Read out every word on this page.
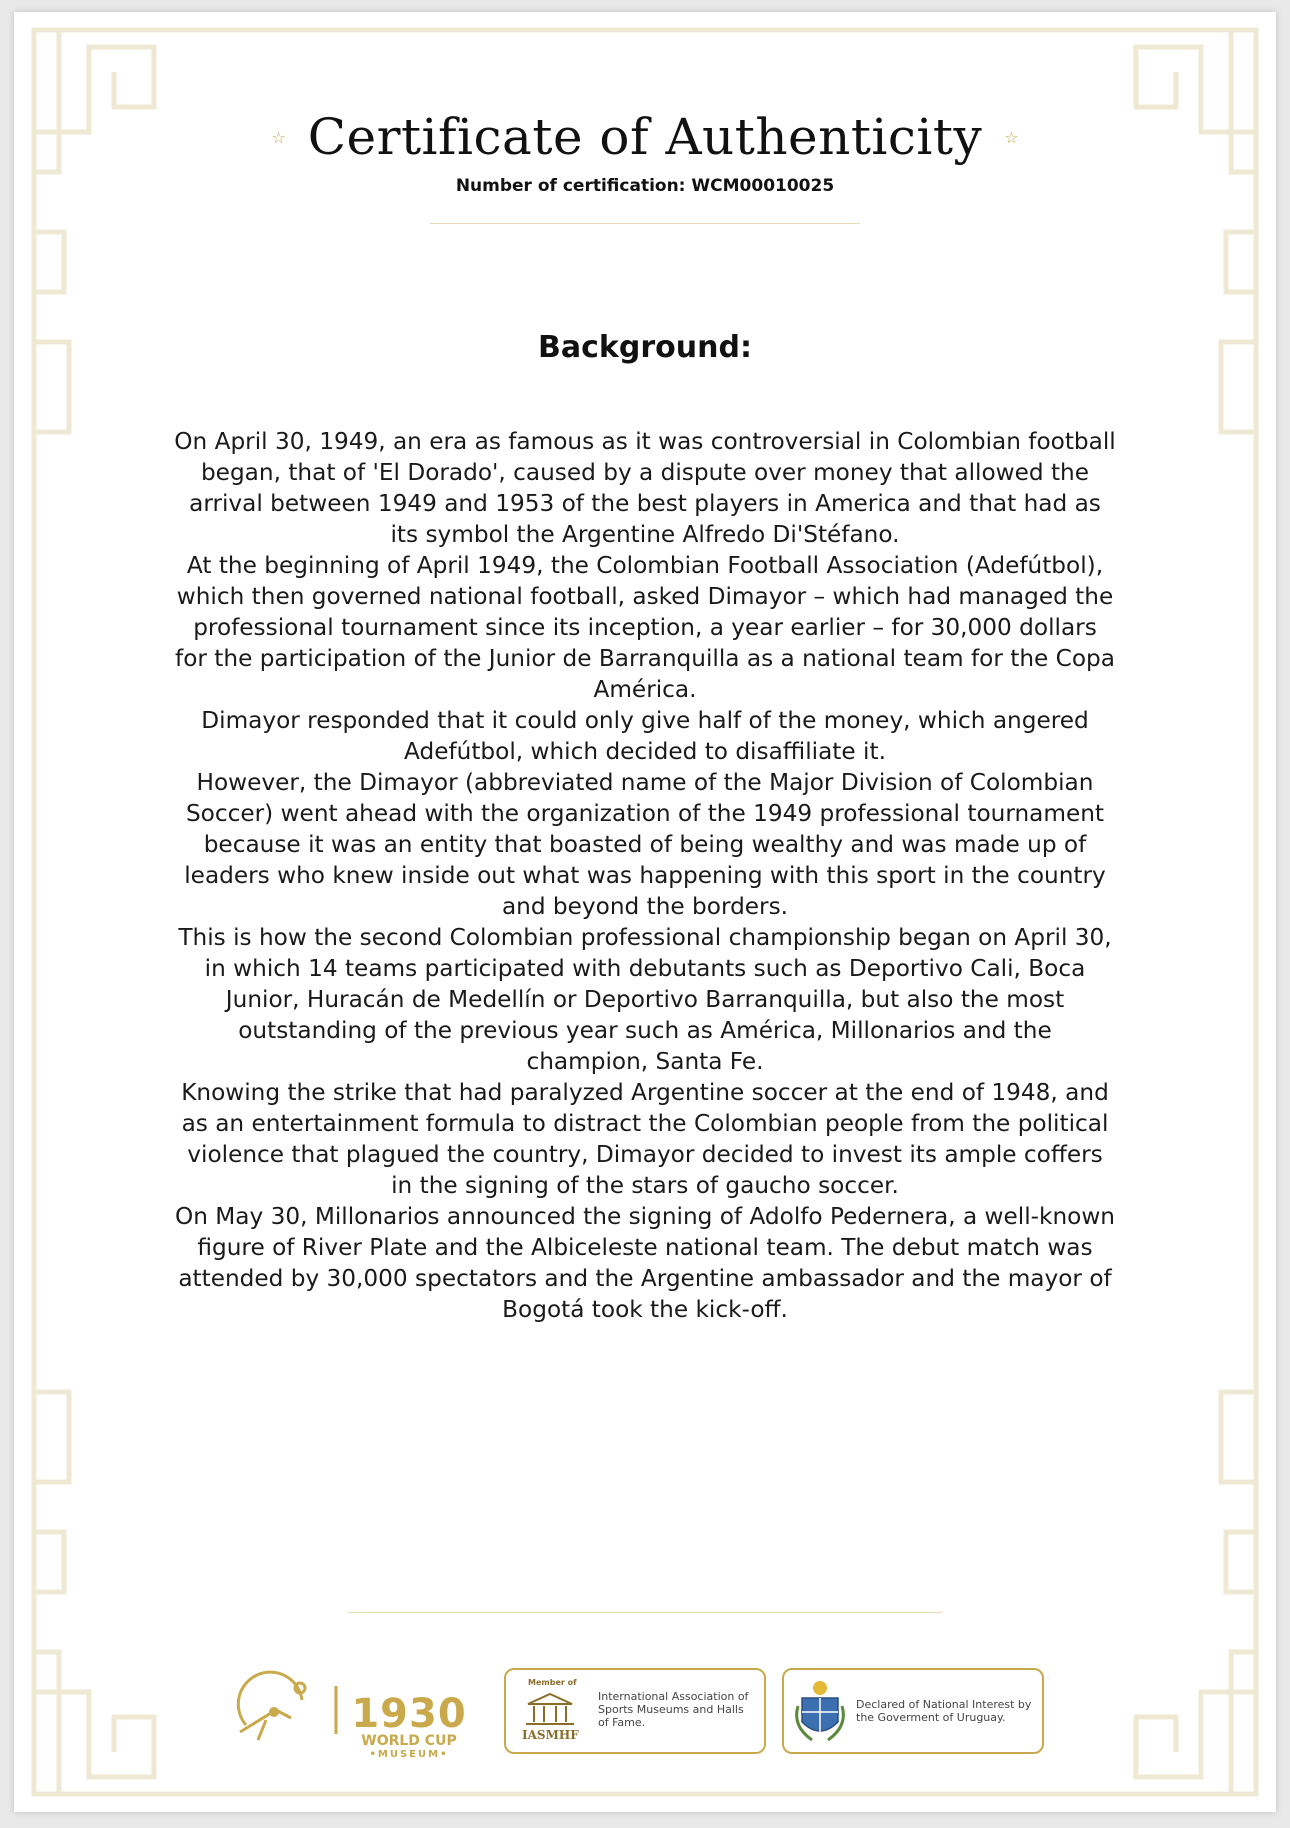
☆ Certificate of Authenticity ☆
Number of certification: WCM00010025
Background:

On April 30, 1949, an era as famous as it was controversial in Colombian football began, that of 'El Dorado', caused by a dispute over money that allowed the arrival between 1949 and 1953 of the best players in America and that had as its symbol the Argentine Alfredo Di'Stéfano.

At the beginning of April 1949, the Colombian Football Association (Adefútbol), which then governed national football, asked Dimayor – which had managed the professional tournament since its inception, a year earlier – for 30,000 dollars for the participation of the Junior de Barranquilla as a national team for the Copa América.

Dimayor responded that it could only give half of the money, which angered Adefútbol, which decided to disaffiliate it.

However, the Dimayor (abbreviated name of the Major Division of Colombian Soccer) went ahead with the organization of the 1949 professional tournament because it was an entity that boasted of being wealthy and was made up of leaders who knew inside out what was happening with this sport in the country and beyond the borders.

This is how the second Colombian professional championship began on April 30, in which 14 teams participated with debutants such as Deportivo Cali, Boca Junior, Huracán de Medellín or Deportivo Barranquilla, but also the most outstanding of the previous year such as América, Millonarios and the champion, Santa Fe.

Knowing the strike that had paralyzed Argentine soccer at the end of 1948, and as an entertainment formula to distract the Colombian people from the political violence that plagued the country, Dimayor decided to invest its ample coffers in the signing of the stars of gaucho soccer.

On May 30, Millonarios announced the signing of Adolfo Pedernera, a well-known figure of River Plate and the Albiceleste national team. The debut match was attended by 30,000 spectators and the Argentine ambassador and the mayor of Bogotá took the kick-off.

1930
WORLD CUP
•MUSEUM•
Member of
IASMHF
International Association of Sports Museums and Halls of Fame.
Declared of National Interest by the Goverment of Uruguay.
